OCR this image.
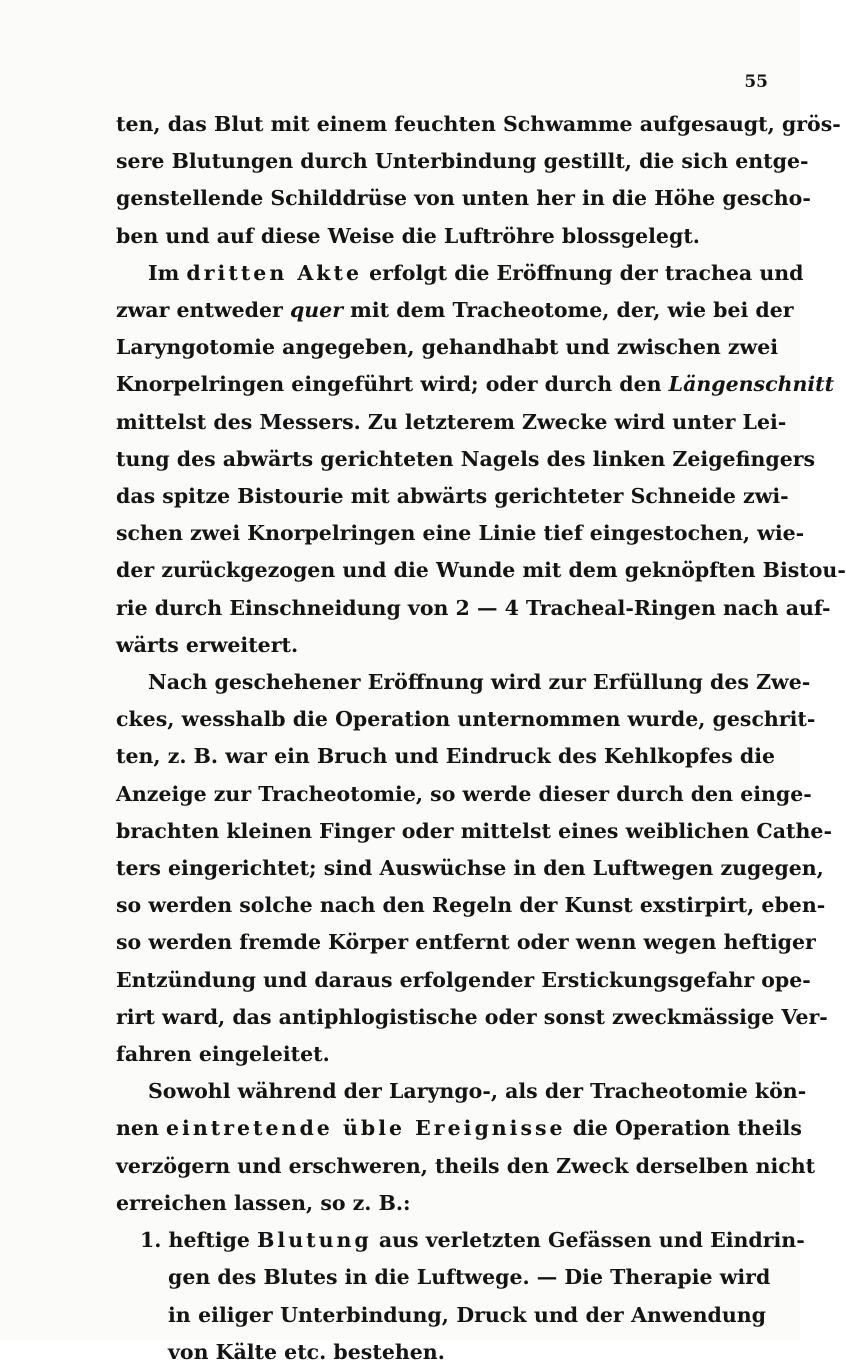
55
ten, das Blut mit einem feuchten Schwamme aufgesaugt, grös-
sere Blutungen durch Unterbindung gestillt, die sich entge-
genstellende Schilddrüse von unten her in die Höhe gescho-
ben und auf diese Weise die Luftröhre blossgelegt.
Im dritten Akte erfolgt die Eröffnung der trachea und
zwar entweder quer mit dem Tracheotome, der, wie bei der
Laryngotomie angegeben, gehandhabt und zwischen zwei
Knorpelringen eingeführt wird; oder durch den Längenschnitt
mittelst des Messers. Zu letzterem Zwecke wird unter Lei-
tung des abwärts gerichteten Nagels des linken Zeigefingers
das spitze Bistourie mit abwärts gerichteter Schneide zwi-
schen zwei Knorpelringen eine Linie tief eingestochen, wie-
der zurückgezogen und die Wunde mit dem geknöpften Bistou-
rie durch Einschneidung von 2 — 4 Tracheal-Ringen nach auf-
wärts erweitert.
Nach geschehener Eröffnung wird zur Erfüllung des Zwe-
ckes, wesshalb die Operation unternommen wurde, geschrit-
ten, z. B. war ein Bruch und Eindruck des Kehlkopfes die
Anzeige zur Tracheotomie, so werde dieser durch den einge-
brachten kleinen Finger oder mittelst eines weiblichen Cathe-
ters eingerichtet; sind Auswüchse in den Luftwegen zugegen,
so werden solche nach den Regeln der Kunst exstirpirt, eben-
so werden fremde Körper entfernt oder wenn wegen heftiger
Entzündung und daraus erfolgender Erstickungsgefahr ope-
rirt ward, das antiphlogistische oder sonst zweckmässige Ver-
fahren eingeleitet.
Sowohl während der Laryngo-, als der Tracheotomie kön-
nen eintretende üble Ereignisse die Operation theils
verzögern und erschweren, theils den Zweck derselben nicht
erreichen lassen, so z. B.:
1. heftige Blutung aus verletzten Gefässen und Eindrin-
gen des Blutes in die Luftwege. — Die Therapie wird
in eiliger Unterbindung, Druck und der Anwendung
von Kälte etc. bestehen.
